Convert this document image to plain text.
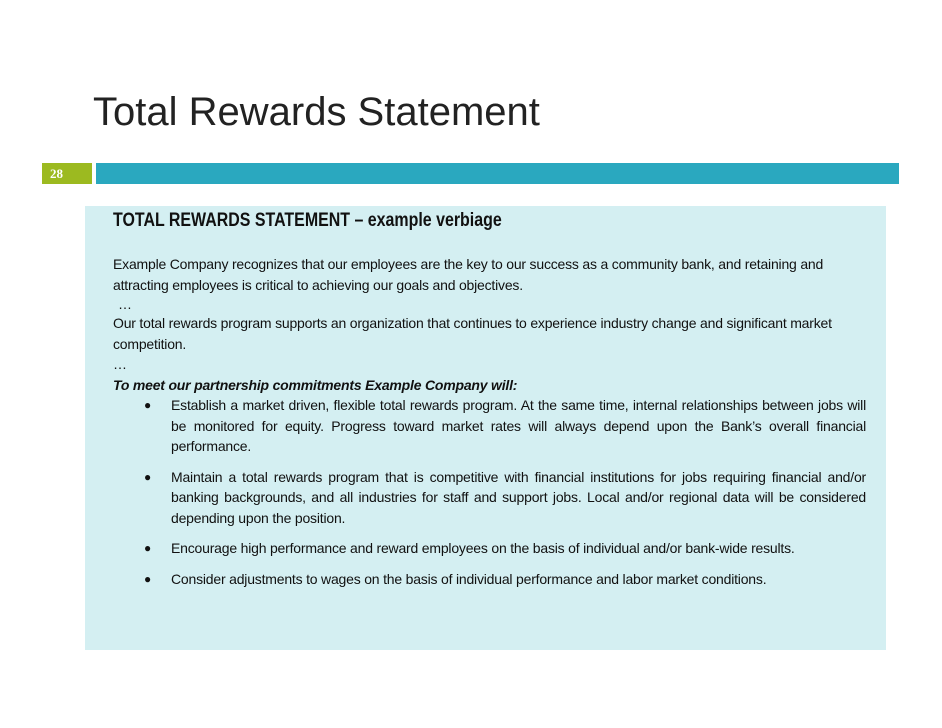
Total Rewards Statement
28
TOTAL REWARDS STATEMENT – example verbiage

Example Company recognizes that our employees are the key to our success as a community bank, and retaining and attracting employees is critical to achieving our goals and objectives.

…

Our total rewards program supports an organization that continues to experience industry change and significant market competition.

…

To meet our partnership commitments Example Company will:

● Establish a market driven, flexible total rewards program. At the same time, internal relationships between jobs will be monitored for equity. Progress toward market rates will always depend upon the Bank’s overall financial performance.
● Maintain a total rewards program that is competitive with financial institutions for jobs requiring financial and/or banking backgrounds, and all industries for staff and support jobs. Local and/or regional data will be considered depending upon the position.
● Encourage high performance and reward employees on the basis of individual and/or bank-wide results.
● Consider adjustments to wages on the basis of individual performance and labor market conditions.
